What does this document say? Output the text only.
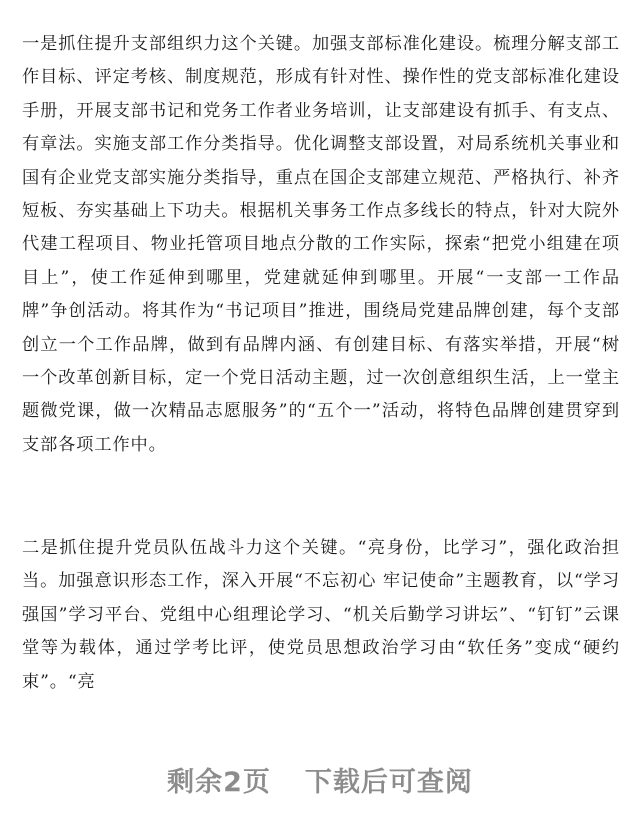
一是抓住提升支部组织力这个关键。加强支部标准化建设。梳理分解支部工作目标、评定考核、制度规范，形成有针对性、操作性的党支部标准化建设手册，开展支部书记和党务工作者业务培训，让支部建设有抓手、有支点、有章法。实施支部工作分类指导。优化调整支部设置，对局系统机关事业和国有企业党支部实施分类指导，重点在国企支部建立规范、严格执行、补齐短板、夯实基础上下功夫。根据机关事务工作点多线长的特点，针对大院外代建工程项目、物业托管项目地点分散的工作实际，探索“把党小组建在项目上”，使工作延伸到哪里，党建就延伸到哪里。开展“一支部一工作品牌”争创活动。将其作为“书记项目”推进，围绕局党建品牌创建，每个支部创立一个工作品牌，做到有品牌内涵、有创建目标、有落实举措，开展“树一个改革创新目标，定一个党日活动主题，过一次创意组织生活，上一堂主题微党课，做一次精品志愿服务”的“五个一”活动，将特色品牌创建贯穿到支部各项工作中。

二是抓住提升党员队伍战斗力这个关键。“亮身份，比学习”，强化政治担当。加强意识形态工作，深入开展“不忘初心 牢记使命”主题教育，以“学习强国”学习平台、党组中心组理论学习、“机关后勤学习讲坛”、“钉钉”云课堂等为载体，通过学考比评，使党员思想政治学习由“软任务”变成“硬约束”。“亮

剩余2页 下载后可查阅
